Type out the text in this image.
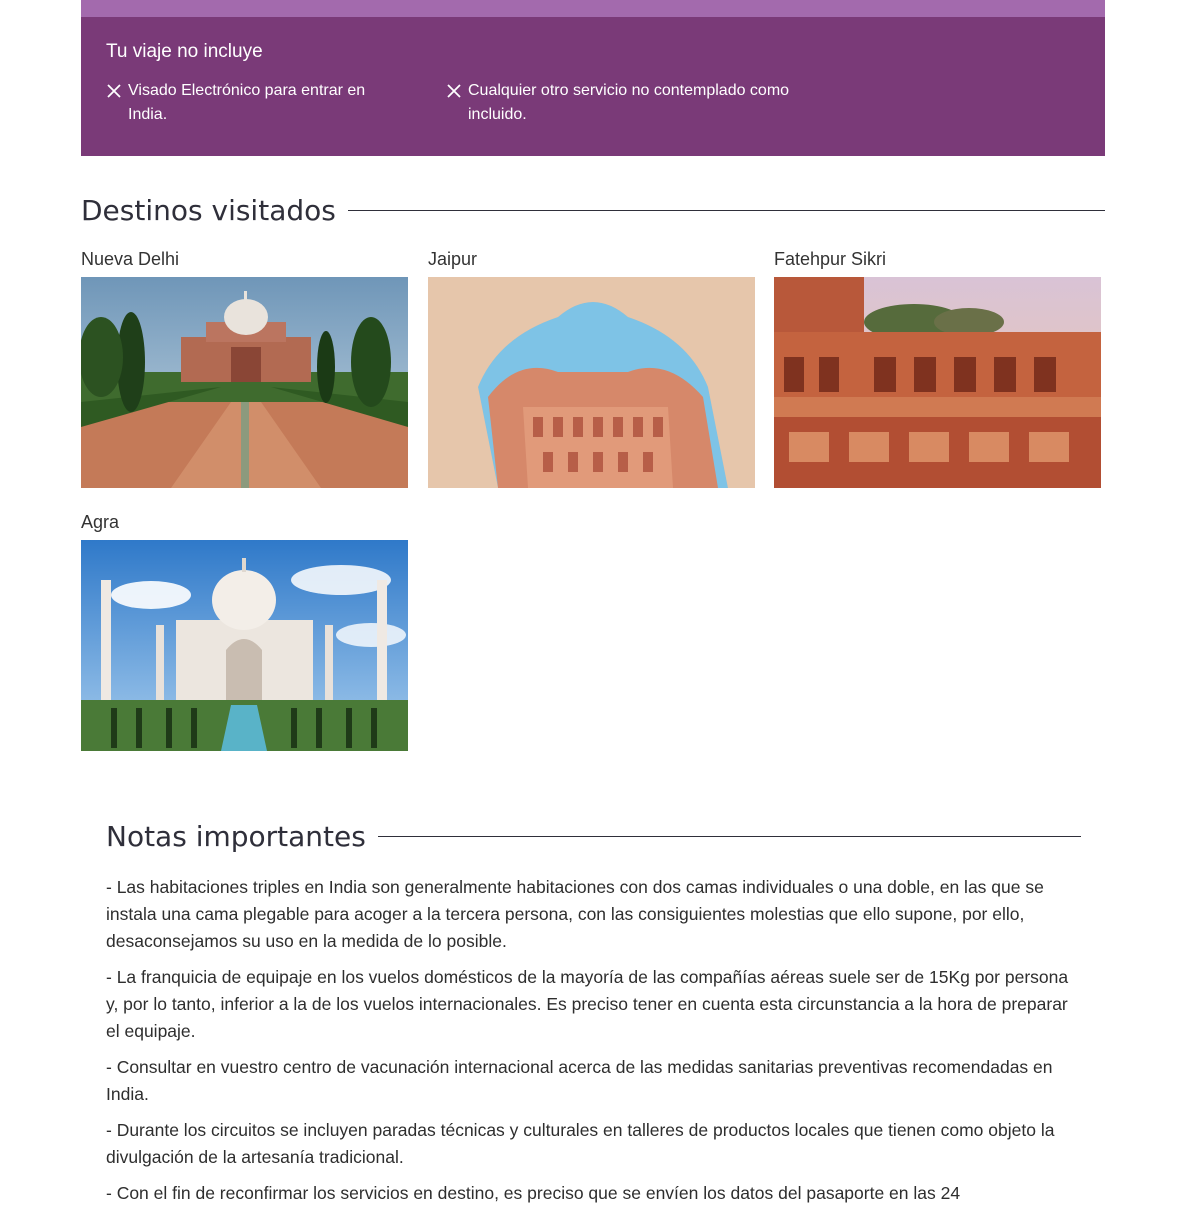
Tu viaje no incluye
Visado Electrónico para entrar en India.
Cualquier otro servicio no contemplado como incluido.
Destinos visitados
Nueva Delhi	Jaipur	Fatehpur Sikri
Agra
Notas importantes

- Las habitaciones triples en India son generalmente habitaciones con dos camas individuales o una doble, en las que se instala una cama plegable para acoger a la tercera persona, con las consiguientes molestias que ello supone, por ello, desaconsejamos su uso en la medida de lo posible.

- La franquicia de equipaje en los vuelos domésticos de la mayoría de las compañías aéreas suele ser de 15Kg por persona y, por lo tanto, inferior a la de los vuelos internacionales. Es preciso tener en cuenta esta circunstancia a la hora de preparar el equipaje.

- Consultar en vuestro centro de vacunación internacional acerca de las medidas sanitarias preventivas recomendadas en India.

- Durante los circuitos se incluyen paradas técnicas y culturales en talleres de productos locales que tienen como objeto la divulgación de la artesanía tradicional.

- Con el fin de reconfirmar los servicios en destino, es preciso que se envíen los datos del pasaporte en las 24
